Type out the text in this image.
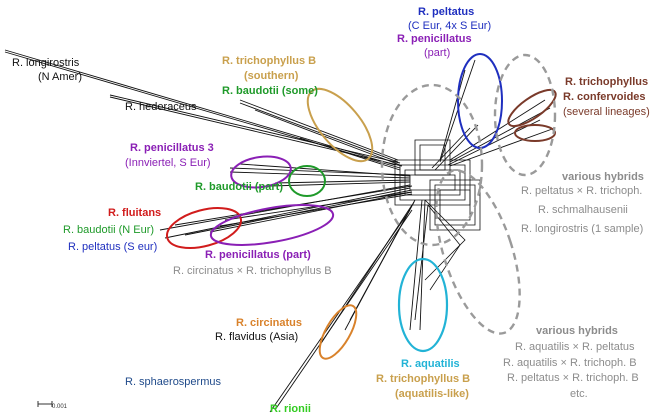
R. peltatus
(C Eur, 4x S Eur)
R. penicillatus
(part)
R. longirostris
(N Amer)
R. trichophyllus B
(southern)
R. baudotii (some)
R. hederaceus
R. trichophyllus
R. confervoides
(several lineages)
R. penicillatus 3
(Innviertel, S Eur)
R. baudotii (part)
various hybrids
R. peltatus × R. trichoph.
R. schmalhausenii
R. longirostris (1 sample)
R. fluitans
R. baudotii (N Eur)
R. peltatus (S eur)
R. penicillatus (part)
R. circinatus × R. trichophyllus B
R. circinatus
R. flavidus (Asia)	various hybrids
R. aquatilis × R. peltatus
R. aquatilis × R. trichoph. B
R. peltatus × R. trichoph. B
etc.
R. sphaerospermus
R. aquatilis
R. trichophyllus B
(aquatilis-like)
R. rionii
0.001
